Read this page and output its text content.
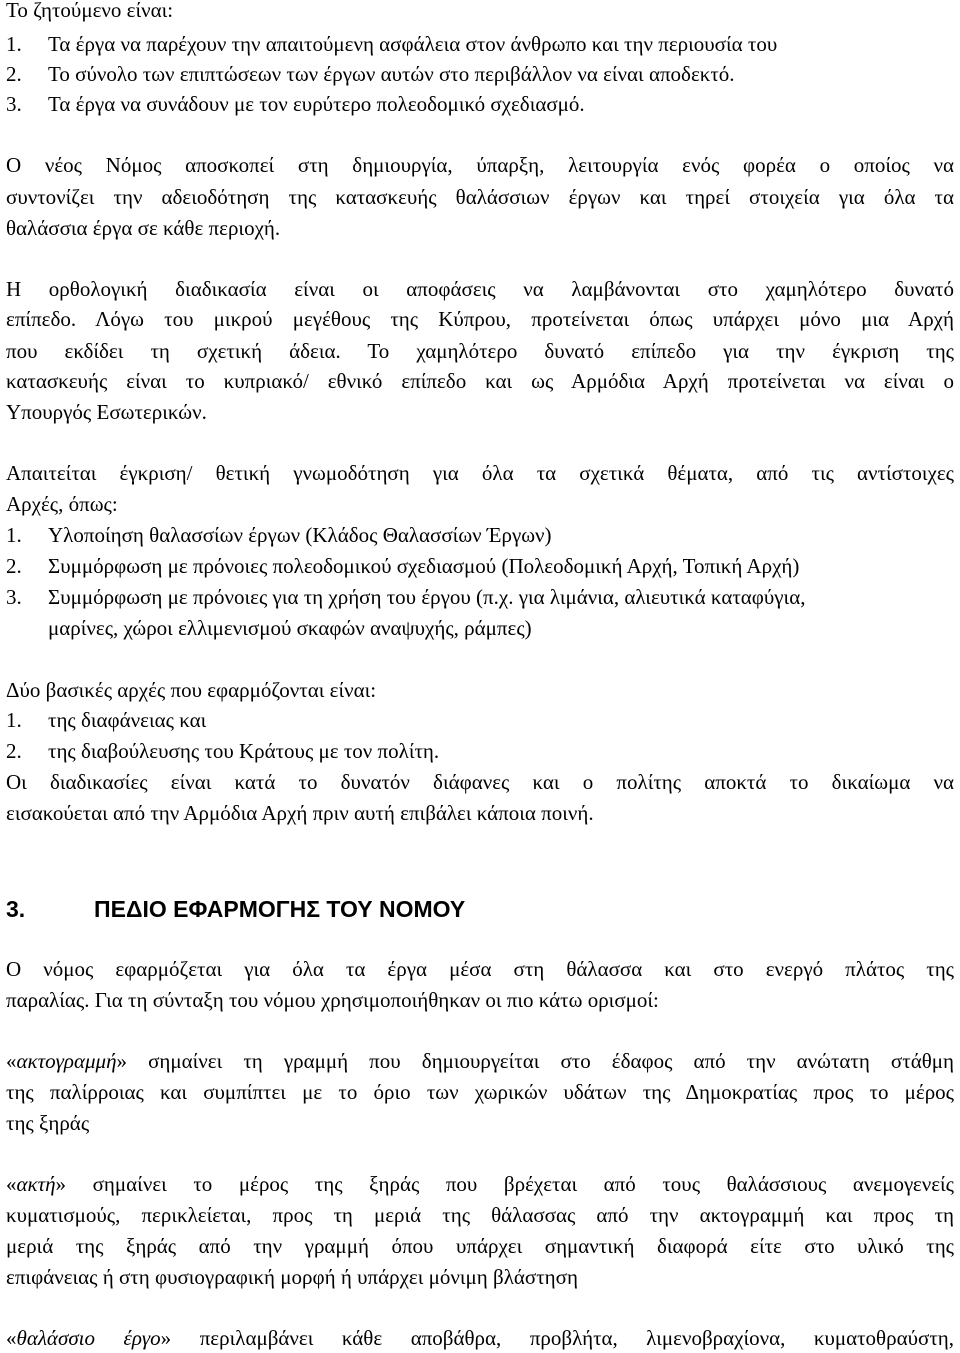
Το ζητούμενο είναι:
1. Τα έργα να παρέχουν την απαιτούμενη ασφάλεια στον άνθρωπο και την περιουσία του
2. Το σύνολο των επιπτώσεων των έργων αυτών στο περιβάλλον να είναι αποδεκτό.
3. Τα έργα να συνάδουν με τον ευρύτερο πολεοδομικό σχεδιασμό.
Ο νέος Νόμος αποσκοπεί στη δημιουργία, ύπαρξη, λειτουργία ενός φορέα ο οποίος να
συντονίζει την αδειοδότηση της κατασκευής θαλάσσιων έργων και τηρεί στοιχεία για όλα τα
θαλάσσια έργα σε κάθε περιοχή.
Η ορθολογική διαδικασία είναι οι αποφάσεις να λαμβάνονται στο χαμηλότερο δυνατό
επίπεδο. Λόγω του μικρού μεγέθους της Κύπρου, προτείνεται όπως υπάρχει μόνο μια Αρχή
που εκδίδει τη σχετική άδεια. Το χαμηλότερο δυνατό επίπεδο για την έγκριση της
κατασκευής είναι το κυπριακό/ εθνικό επίπεδο και ως Αρμόδια Αρχή προτείνεται να είναι ο
Υπουργός Εσωτερικών.
Απαιτείται έγκριση/ θετική γνωμοδότηση για όλα τα σχετικά θέματα, από τις αντίστοιχες
Αρχές, όπως:
1. Υλοποίηση θαλασσίων έργων (Κλάδος Θαλασσίων Έργων)
2. Συμμόρφωση με πρόνοιες πολεοδομικού σχεδιασμού (Πολεοδομική Αρχή, Τοπική Αρχή)
3. Συμμόρφωση με πρόνοιες για τη χρήση του έργου (π.χ. για λιμάνια, αλιευτικά καταφύγια,
μαρίνες, χώροι ελλιμενισμού σκαφών αναψυχής, ράμπες)
Δύο βασικές αρχές που εφαρμόζονται είναι:
1. της διαφάνειας και
2. της διαβούλευσης του Κράτους με τον πολίτη.
Οι διαδικασίες είναι κατά το δυνατόν διάφανες και ο πολίτης αποκτά το δικαίωμα να
εισακούεται από την Αρμόδια Αρχή πριν αυτή επιβάλει κάποια ποινή.
3.	ΠΕΔΙΟ ΕΦΑΡΜΟΓΗΣ ΤΟΥ ΝΟΜΟΥ
Ο νόμος εφαρμόζεται για όλα τα έργα μέσα στη θάλασσα και στο ενεργό πλάτος της
παραλίας. Για τη σύνταξη του νόμου χρησιμοποιήθηκαν οι πιο κάτω ορισμοί:
«ακτογραμμή» σημαίνει τη γραμμή που δημιουργείται στο έδαφος από την ανώτατη στάθμη
της παλίρροιας και συμπίπτει με το όριο των χωρικών υδάτων της Δημοκρατίας προς το μέρος
της ξηράς
«ακτή» σημαίνει το μέρος της ξηράς που βρέχεται από τους θαλάσσιους ανεμογενείς
κυματισμούς, περικλείεται, προς τη μεριά της θάλασσας από την ακτογραμμή και προς τη
μεριά της ξηράς από την γραμμή όπου υπάρχει σημαντική διαφορά είτε στο υλικό της
επιφάνειας ή στη φυσιογραφική μορφή ή υπάρχει μόνιμη βλάστηση
«θαλάσσιο έργο» περιλαμβάνει κάθε αποβάθρα, προβλήτα, λιμενοβραχίονα, κυματοθραύστη,
